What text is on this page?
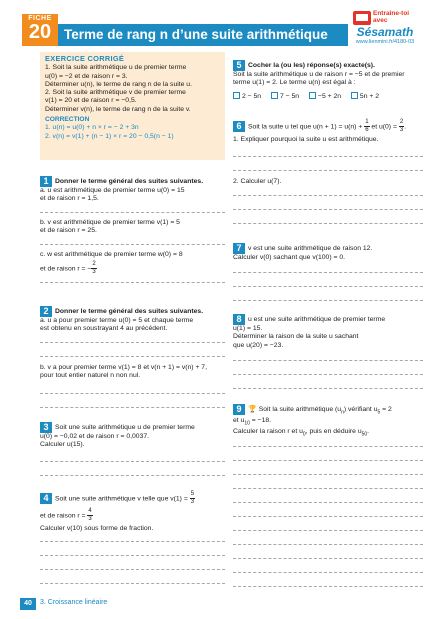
FICHE
20 Terme de rang n d’une suite arithmétique
Entraîne-toi
avec
Sésamath
www.lienmini.fr/4180-03
EXERCICE CORRIGÉ
1. Soit la suite arithmétique u de premier terme
u(0) = −2 et de raison r = 3.
Déterminer u(n), le terme de rang n de la suite u.
2. Soit la suite arithmétique v de premier terme
v(1) = 20 et de raison r = −0,5.
Déterminer v(n), le terme de rang n de la suite v.
CORRECTION
1. u(n) = u(0) + n × r = − 2 + 3n
2. v(n) = v(1) + (n − 1) × r = 20 − 0,5(n − 1)
1 Donner le terme général des suites suivantes.
a. u est arithmétique de premier terme u(0) = 15
et de raison r = 1,5.
b. v est arithmétique de premier terme v(1) = 5
et de raison r = 25.
c. w est arithmétique de premier terme w(0) = 8
et de raison r = − $\frac{2}{3}$
2 Donner le terme général des suites suivantes.
a. u a pour premier terme u(0) = 5 et chaque terme
est obtenu en soustrayant 4 au précédent.
b. v a pour premier terme v(1) = 8 et v(n + 1) = v(n) + 7,
pour tout entier naturel n non nul.
3 Soit une suite arithmétique u de premier terme
u(0) = −0,02 et de raison r = 0,0037.
Calculer u(15).
4 Soit une suite arithmétique v telle que $v(1) = \frac{5}{3}$
et de raison $r = \frac{4}{3}$
Calculer v(10) sous forme de fraction.
5 Cocher la (ou les) réponse(s) exacte(s).
Soit la suite arithmétique u de raison r = −5 et de premier
terme u(1) = 2. Le terme u(n) est égal à :
2 − 5n	7 − 5n	−5 + 2n	5n + 2
6 Soit la suite u tel que $u(n + 1) = u(n) + \frac{1}{6}$ et $u(0) = \frac{2}{3}$ .
1. Expliquer pourquoi la suite u est arithmétique.
2. Calculer u(7).
7 v est une suite arithmétique de raison 12.
Calculer v(0) sachant que v(100) = 0.
8 u est une suite arithmétique de premier terme
u(1) = 15.
Déterminer la raison de la suite u sachant
que u(20) = −23.
9 🏆 Soit la suite arithmétique $(u_n)$ vérifiant $u_5 = 2$
et $u_{10} = -18$.
Calculer la raison r et $u_0$, puis en déduire $u_{50}$.
40	3. Croissance linéaire
